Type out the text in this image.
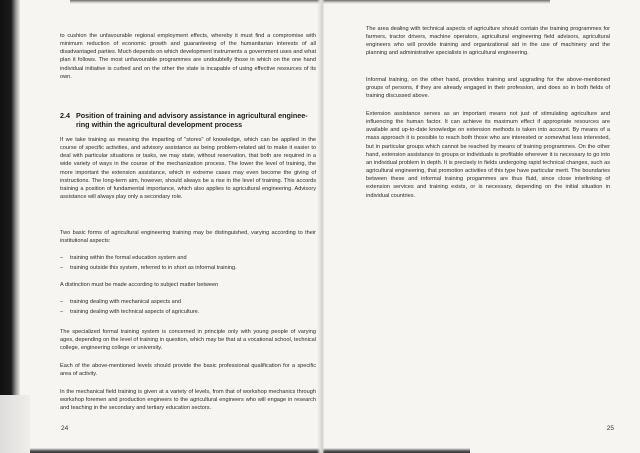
to cushion the unfavourable regional employment effects, whereby it must find a compromise with minimum reduction of economic growth and guaranteeing of the humanitarian interests of all disadvantaged parties. Much depends on which development instruments a government uses and what plan it follows. The most unfavourable programmes are undoubtelly those in which on the one hand individual initiative is curbed and on the other the state is incapable of using effective resources of its own.

2.4 Position of training and advisory assistance in agricultural enginee-
ring within the agricultural development process

If we take training as meaning the imparting of "stores" of knowledge, which can be applied in the course of specific activities, and advisory assistance as being problem-related aid to make it easier to deal with particular situations or tasks, we may state, without reservation, that both are required in a wide variety of ways in the course of the mechanization process. The lower the level of training, the more important the extension assistance, which in extreme cases may even become the giving of instructions. The long-term aim, however, should always be a rise in the level of training. This accords training a position of fundamental importance, which also applies to agricultural engineering. Advisory assistance will always play only a secondary role.

Two basic forms of agricultural engineering training may be distinguished, varying according to their institutional aspects:

– training within the formal education system and
– training outside this system, referred to in short as informal training.

A distinction must be made according to subject matter between

– training dealing with mechanical aspects and
– training dealing with technical aspects of agriculture.

The specialized formal training system is concerned in principle only with young people of varying ages, depending on the level of training in question, which may be that at a vocational school, technical college, engineering college or university.

Each of the above-mentioned levels should provide the basic professional qualification for a specific area of activity.

In the mechanical field training is given at a variety of levels, from that of workshop mechanics through workshop foremen and production engineers to the agricultural engineers who will engage in research and teaching in the secondary and tertiary education sectors.

24

The area dealing with technical aspects of agriculture should contain the training programmes for farmers, tractor drivers, machine operators, agricultural engineering field advisors, agricultural engineers who will provide training and organizational aid in the use of machinery and the planning and administrative specialists in agricultural engineering.

Informal training, on the other hand, provides training and upgrading for the above-mentioned groups of persons, if they are already engaged in their profession, and does so in both fields of training discussed above.

Extension assistance serves as an important means not just of stimulating agriculture and influencing the human factor. It can achieve its maximum effect if appropriate resources are available and up-to-date knowledge on extension methods is taken into account. By means of a mass approach it is possible to reach both those who are interested or somewhat less interested, but in particular groups which cannot be reached by means of training programmes. On the other hand, extension assistance to groups or individuals is profitable wherever it is necessary to go into an individual problem in depth. It is precisely in fields undergoing rapid technical changes, such as agricultural engineering, that promotion activities of this type have particular merit. The boundaries between these and informal training progammes are thus fluid, since close interlinking of extension services and training exists, or is necessary, depending on the initial situation in individual countries.

25
